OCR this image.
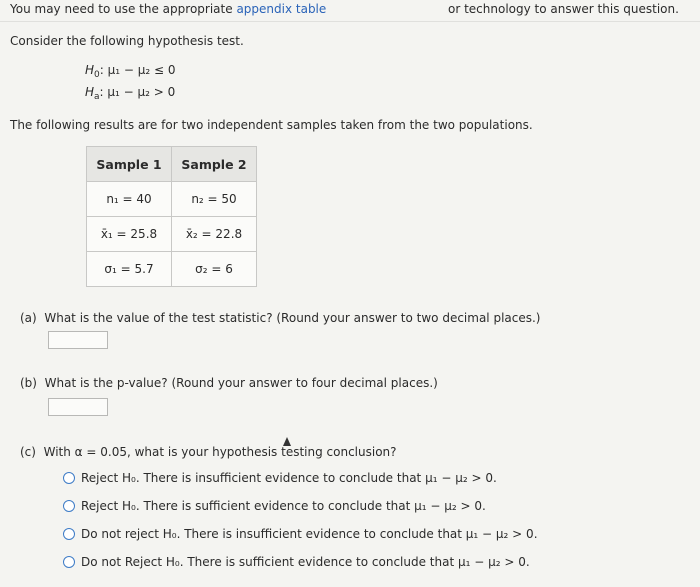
You may need to use the appropriate appendix table	or technology to answer this question.
Consider the following hypothesis test.
$H_0$: μ₁ − μ₂ ≤ 0
$H_a$: μ₁ − μ₂ > 0
The following results are for two independent samples taken from the two populations.
Sample 1	Sample 2
n₁ = 40	n₂ = 50
x̄₁ = 25.8	x̄₂ = 22.8
σ₁ = 5.7	σ₂ = 6
(a) What is the value of the test statistic? (Round your answer to two decimal places.)
(b) What is the p-value? (Round your answer to four decimal places.)
(c) With α = 0.05, what is your hypothesis testing conclusion?
Reject H₀. There is insufficient evidence to conclude that μ₁ − μ₂ > 0.
Reject H₀. There is sufficient evidence to conclude that μ₁ − μ₂ > 0.
Do not reject H₀. There is insufficient evidence to conclude that μ₁ − μ₂ > 0.
Do not Reject H₀. There is sufficient evidence to conclude that μ₁ − μ₂ > 0.
